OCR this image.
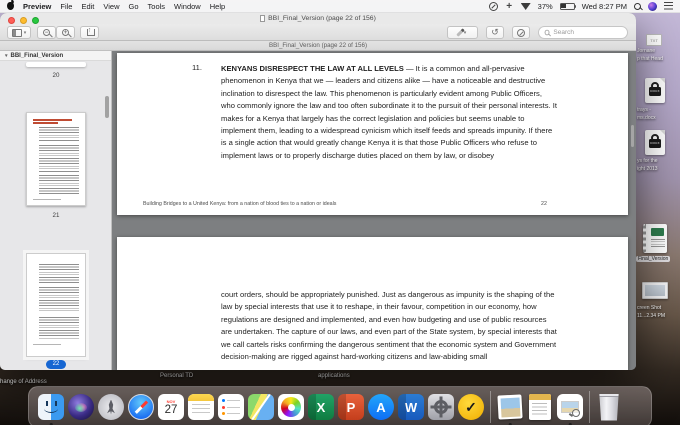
TXT
Jornane
p that Head
DOCX
trays -
ms.docx
DOCX
ys for the
ight 2013
Final_Version
creen Shot
11...2.34 PM
Personal TD	applications
hange of Address
BBI_Final_Version (page 22 of 156)
▾	−	+	↑	▾	↺
Search
BBI_Final_Version (page 22 of 156)
▾ BBI_Final_Version
20
21
22
11.	KENYANS DISRESPECT THE LAW AT ALL LEVELS — It is a common and all-pervasive phenomenon in Kenya that we — leaders and citizens alike — have a noticeable and destructive inclination to disrespect the law. This phenomenon is particularly evident among Public Officers, who commonly ignore the law and too often subordinate it to the pursuit of their personal interests. It makes for a Kenya that largely has the correct legislation and policies but seems unable to implement them, leading to a widespread cynicism which itself feeds and spreads impunity. If there is a single action that would greatly change Kenya it is that those Public Officers who refuse to implement laws or to properly discharge duties placed on them by law, or disobey
Building Bridges to a United Kenya: from a nation of blood ties to a nation or ideals	22
court orders, should be appropriately punished. Just as dangerous as impunity is the shaping of the law by special interests that use it to reshape, in their favour, competition in our economy, how regulations are designed and implemented, and even how budgeting and use of public resources are undertaken. The capture of our laws, and even part of the State system, by special interests that we call cartels risks confirming the dangerous sentiment that the economic system and Government decision-making are rigged against hard-working citizens and law-abiding small
Preview File Edit View Go Tools Window Help	+	37%	Wed 8:27 PM
NOV
27	X P A W	✓
